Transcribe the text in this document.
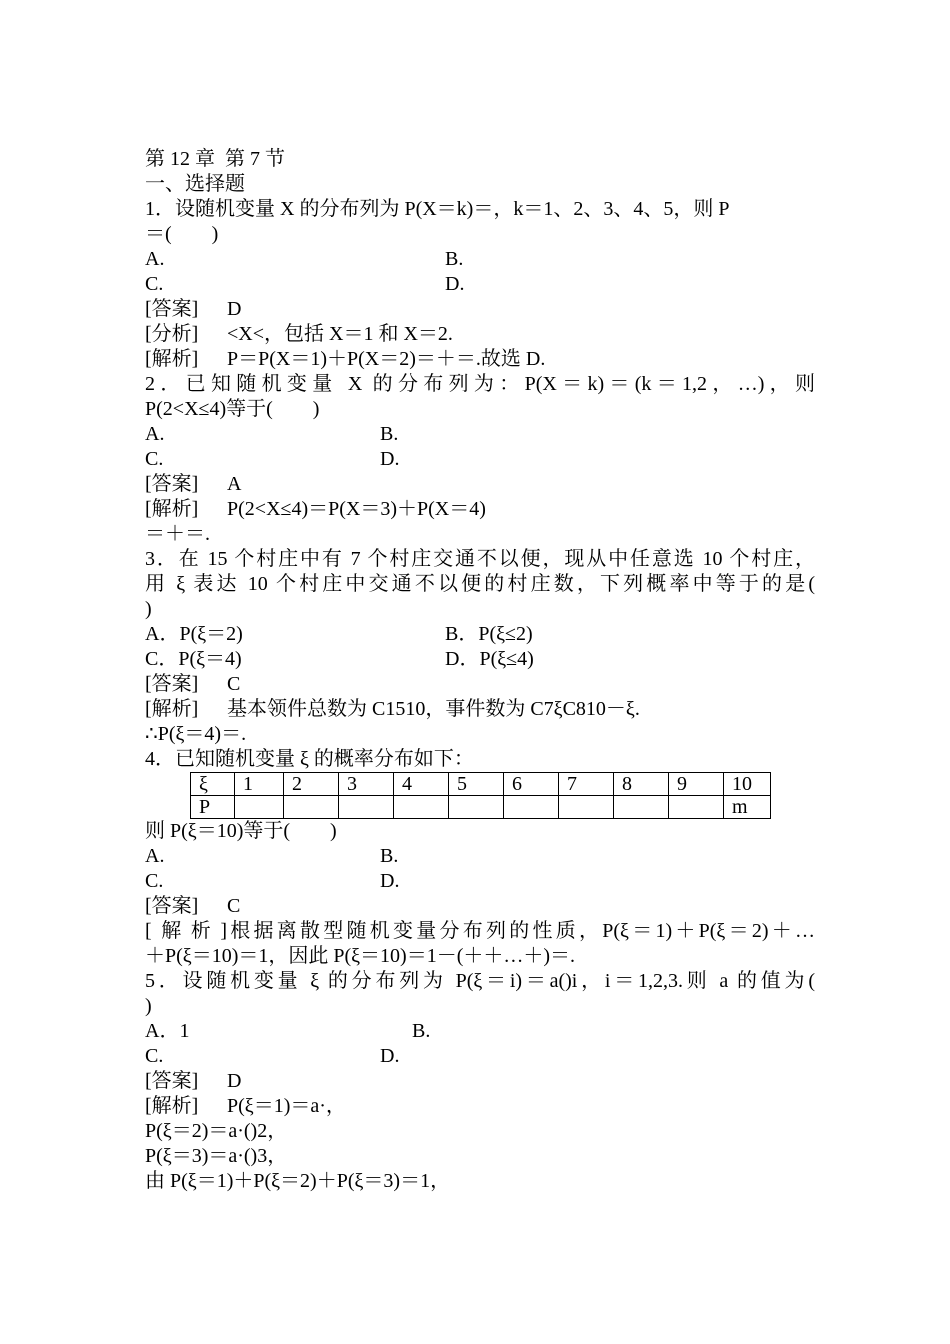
第 12 章  第 7 节
一、选择题
1．设随机变量 X 的分布列为 P(X＝k)＝，k＝1、2、3、4、5，则 P
＝(        )
A.	B.
C.	D.
[答案] D
[分析] <X<，包括 X＝1 和 X＝2.
[解析] P＝P(X＝1)＋P(X＝2)＝＋＝.故选 D.
2．已知随机变量 X 的分布列为：P(X＝k)＝(k＝1,2，…)，则
P(2<X≤4)等于(        )
A.	B.
C.	D.
[答案] A
[解析] P(2<X≤4)＝P(X＝3)＋P(X＝4)
＝＋＝.
3．在 15 个村庄中有 7 个村庄交通不以便，现从中任意选 10 个村庄，
用 ξ 表达 10 个村庄中交通不以便的村庄数，下列概率中等于的是(
)
A．P(ξ＝2)	B．P(ξ≤2)
C．P(ξ＝4)	D．P(ξ≤4)
[答案] C
[解析] 基本领件总数为 C1510，事件数为 C7ξC810－ξ.
∴P(ξ＝4)＝.
4．已知随机变量 ξ 的概率分布如下：
ξ	1	2	3	4	5	6	7	8	9	10
P										m
则 P(ξ＝10)等于(        )
A.	B.
C.	D.
[答案] C
[解析]根据离散型随机变量分布列的性质，P(ξ＝1)＋P(ξ＝2)＋…
＋P(ξ＝10)＝1，因此 P(ξ＝10)＝1－(＋＋…＋)＝.
5．设随机变量 ξ 的分布列为 P(ξ＝i)＝a()i，i＝1,2,3.则 a 的值为(
)
A．1	B.
C.	D.
[答案] D
[解析] P(ξ＝1)＝a·，
P(ξ＝2)＝a·()2，
P(ξ＝3)＝a·()3，
由 P(ξ＝1)＋P(ξ＝2)＋P(ξ＝3)＝1，
